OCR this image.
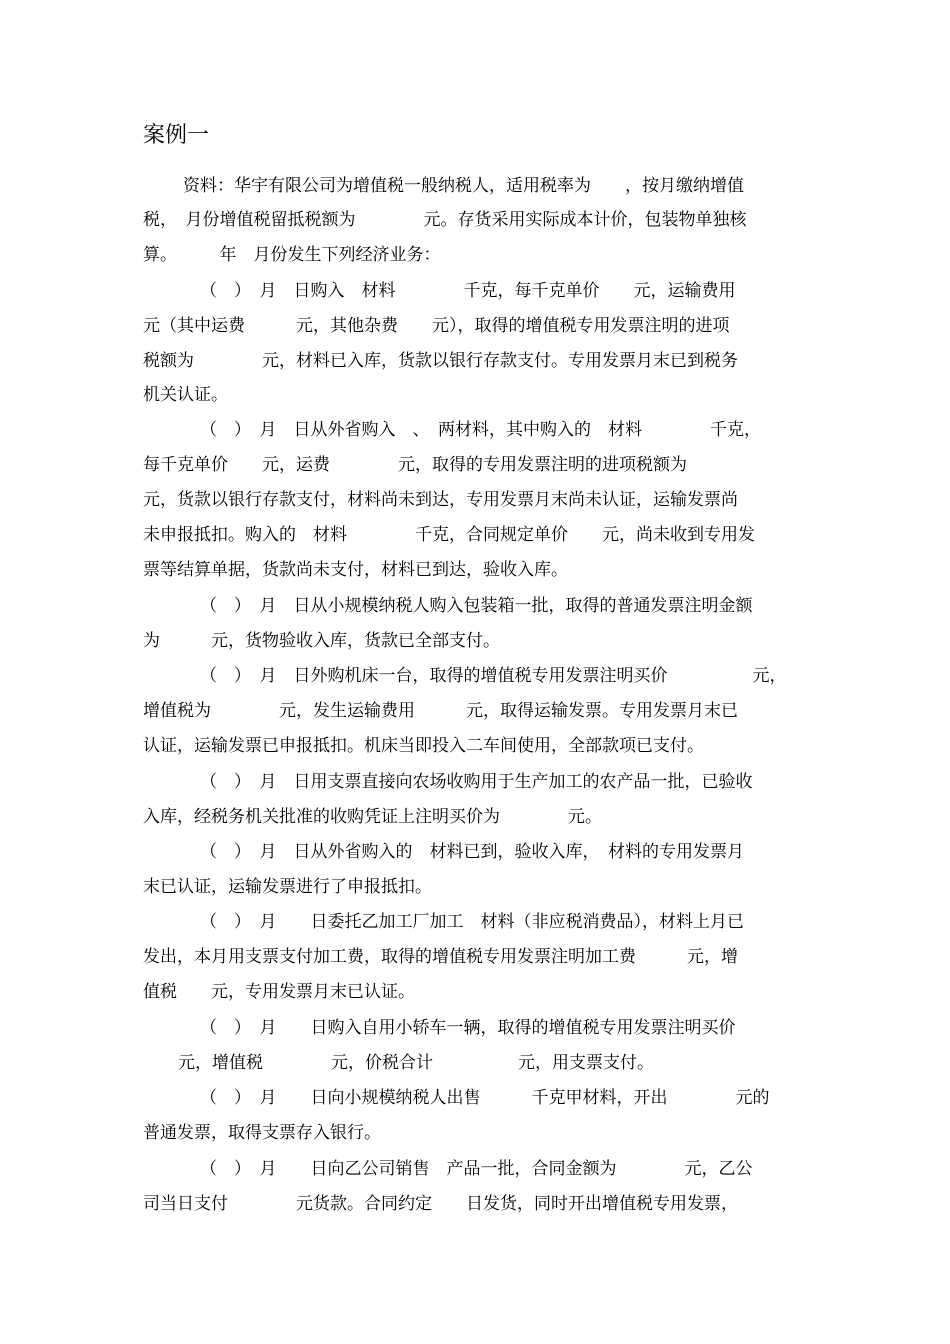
案例一
资料：华宇有限公司为增值税一般纳税人，适用税率为　　，按月缴纳增值
税，　月份增值税留抵税额为　　　　元。存货采用实际成本计价，包装物单独核
算。　　　年　月份发生下列经济业务：
（　）　月　日购入　材料　　　　千克，每千克单价　　元，运输费用
元（其中运费　　　元，其他杂费　　元），取得的增值税专用发票注明的进项
税额为　　　　元，材料已入库，货款以银行存款支付。专用发票月末已到税务
机关认证。
（　）　月　日从外省购入　、　两材料，其中购入的　材料　　　　千克，
每千克单价　　元，运费　　　　元，取得的专用发票注明的进项税额为
元，货款以银行存款支付，材料尚未到达，专用发票月末尚未认证，运输发票尚
未申报抵扣。购入的　材料　　　　千克，合同规定单价　　元，尚未收到专用发
票等结算单据，货款尚未支付，材料已到达，验收入库。
（　）　月　日从小规模纳税人购入包装箱一批，取得的普通发票注明金额
为　　　元，货物验收入库，货款已全部支付。
（　）　月　日外购机床一台，取得的增值税专用发票注明买价　　　　　元，
增值税为　　　　元，发生运输费用　　　元，取得运输发票。专用发票月末已
认证，运输发票已申报抵扣。机床当即投入二车间使用，全部款项已支付。
（　）　月　日用支票直接向农场收购用于生产加工的农产品一批，已验收
入库，经税务机关批准的收购凭证上注明买价为　　　　元。
（　）　月　日从外省购入的　材料已到，验收入库，　材料的专用发票月
末已认证，运输发票进行了申报抵扣。
（　）　月　　日委托乙加工厂加工　材料（非应税消费品），材料上月已
发出，本月用支票支付加工费，取得的增值税专用发票注明加工费　　　元，增
值税　　元，专用发票月末已认证。
（　）　月　　日购入自用小轿车一辆，取得的增值税专用发票注明买价
元，增值税　　　　元，价税合计　　　　　元，用支票支付。
（　）　月　　日向小规模纳税人出售　　　千克甲材料，开出　　　　元的
普通发票，取得支票存入银行。
（　）　月　　日向乙公司销售　产品一批，合同金额为　　　　元，乙公
司当日支付　　　　元货款。合同约定　　日发货，同时开出增值税专用发票，
